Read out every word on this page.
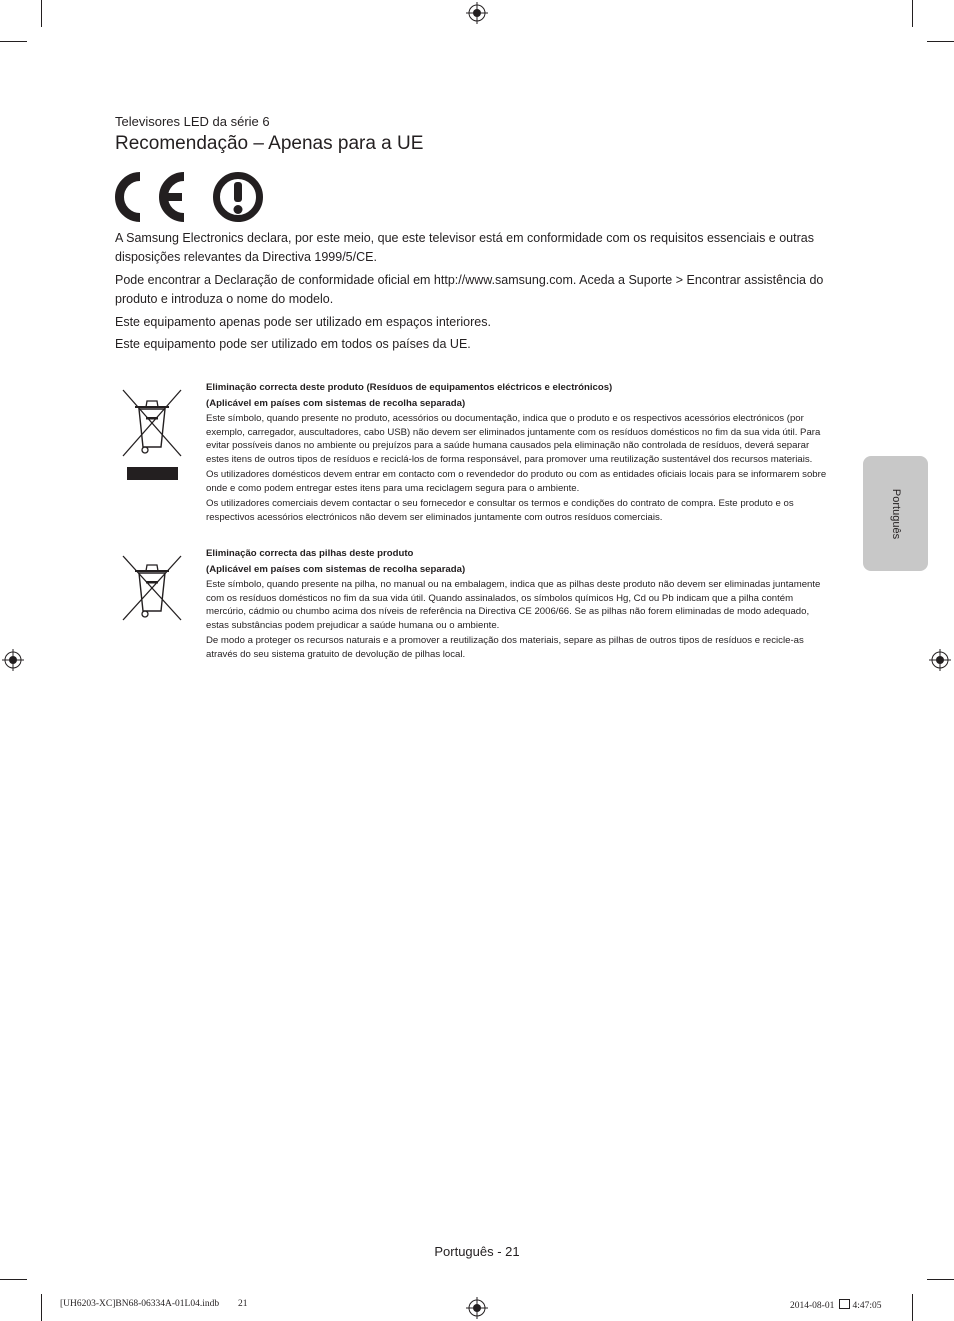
Televisores LED da série 6
Recomendação – Apenas para a UE

A Samsung Electronics declara, por este meio, que este televisor está em conformidade com os requisitos essenciais e outras disposições relevantes da Directiva 1999/5/CE.

Pode encontrar a Declaração de conformidade oficial em http://www.samsung.com. Aceda a Suporte > Encontrar assistência do produto e introduza o nome do modelo.

Este equipamento apenas pode ser utilizado em espaços interiores.

Este equipamento pode ser utilizado em todos os países da UE.

Eliminação correcta deste produto (Resíduos de equipamentos eléctricos e electrónicos)

(Aplicável em países com sistemas de recolha separada)

Este símbolo, quando presente no produto, acessórios ou documentação, indica que o produto e os respectivos acessórios electrónicos (por exemplo, carregador, auscultadores, cabo USB) não devem ser eliminados juntamente com os resíduos domésticos no fim da sua vida útil. Para evitar possíveis danos no ambiente ou prejuízos para a saúde humana causados pela eliminação não controlada de resíduos, deverá separar estes itens de outros tipos de resíduos e reciclá-los de forma responsável, para promover uma reutilização sustentável dos recursos materiais.

Os utilizadores domésticos devem entrar em contacto com o revendedor do produto ou com as entidades oficiais locais para se informarem sobre onde e como podem entregar estes itens para uma reciclagem segura para o ambiente.

Os utilizadores comerciais devem contactar o seu fornecedor e consultar os termos e condições do contrato de compra. Este produto e os respectivos acessórios electrónicos não devem ser eliminados juntamente com outros resíduos comerciais.

Eliminação correcta das pilhas deste produto

(Aplicável em países com sistemas de recolha separada)

Este símbolo, quando presente na pilha, no manual ou na embalagem, indica que as pilhas deste produto não devem ser eliminadas juntamente com os resíduos domésticos no fim da sua vida útil. Quando assinalados, os símbolos químicos Hg, Cd ou Pb indicam que a pilha contém mercúrio, cádmio ou chumbo acima dos níveis de referência na Directiva CE 2006/66. Se as pilhas não forem eliminadas de modo adequado, estas substâncias podem prejudicar a saúde humana ou o ambiente.

De modo a proteger os recursos naturais e a promover a reutilização dos materiais, separe as pilhas de outros tipos de resíduos e recicle-as através do seu sistema gratuito de devolução de pilhas local.

Português
Português - 21
[UH6203-XC]BN68-06334A-01L04.indb 21	2014-08-01 4:47:05
